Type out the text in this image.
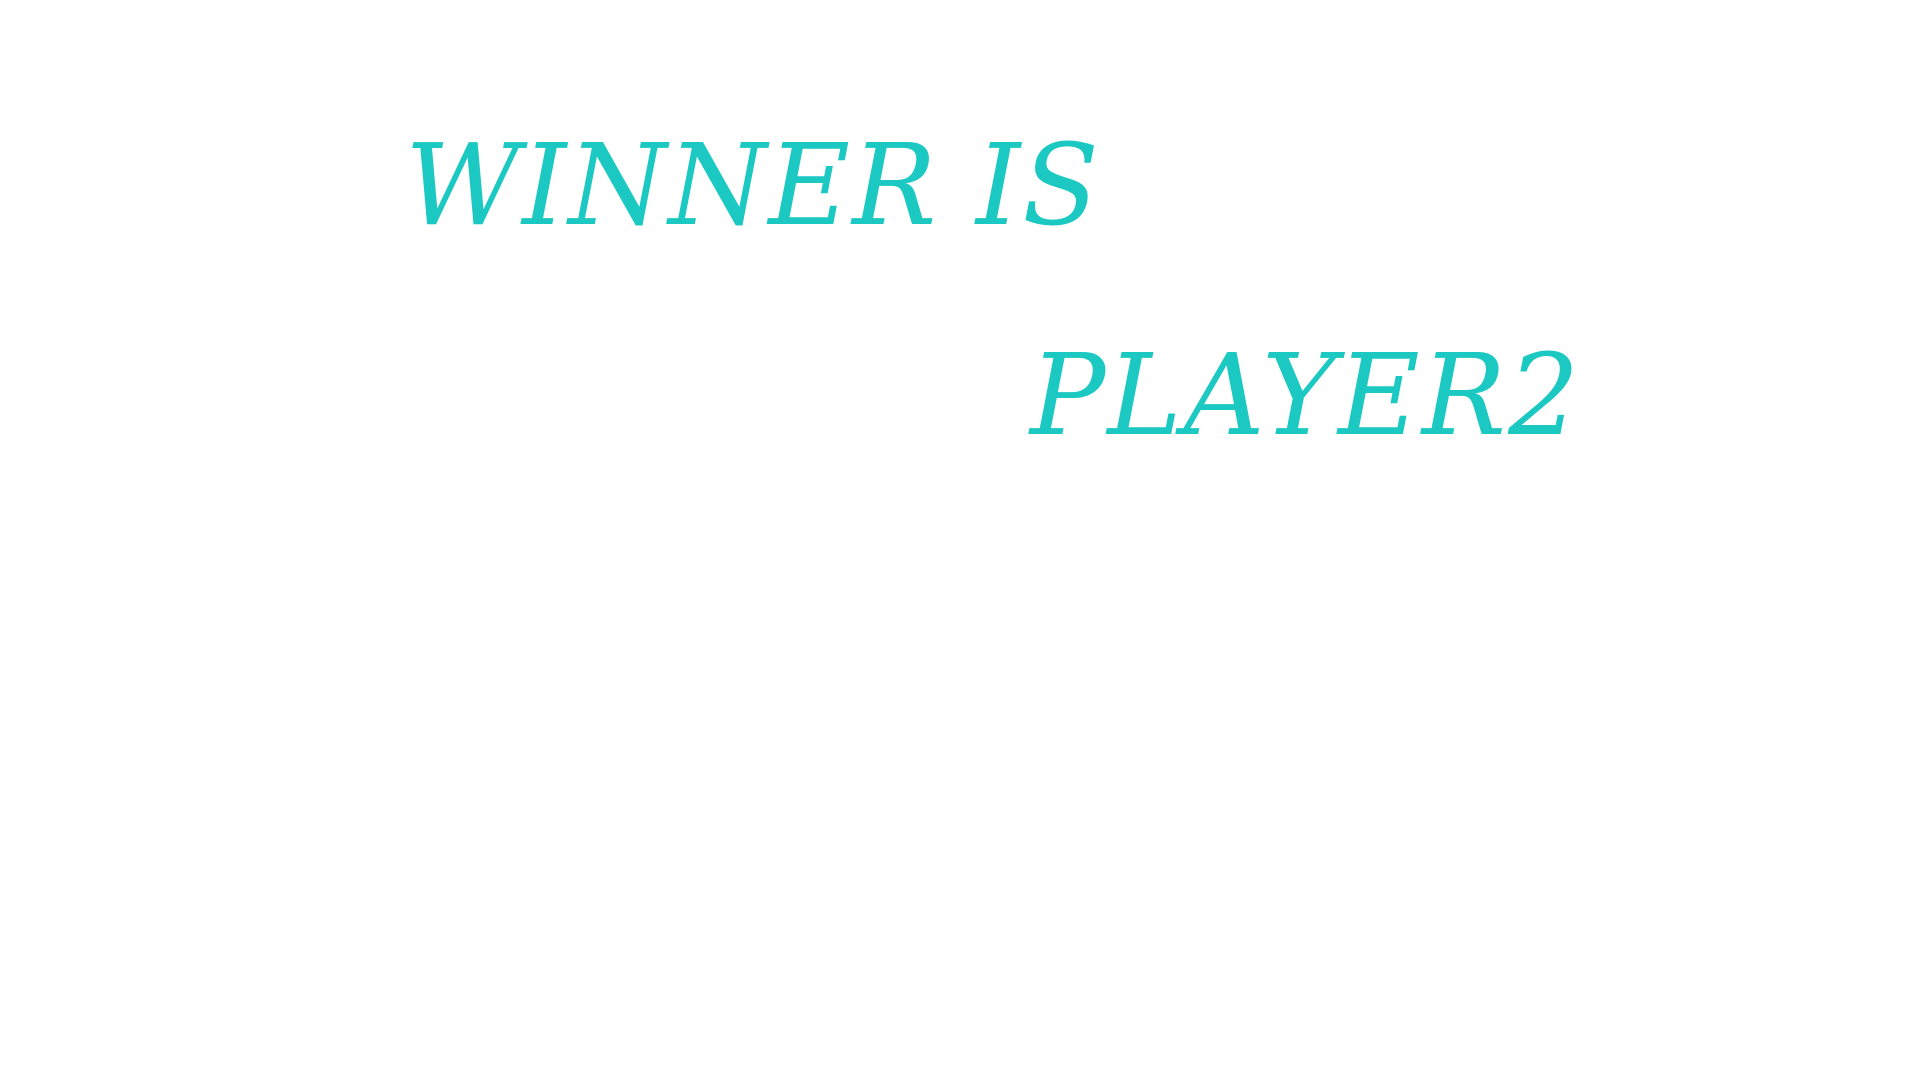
WINNER IS
PLAYER2
